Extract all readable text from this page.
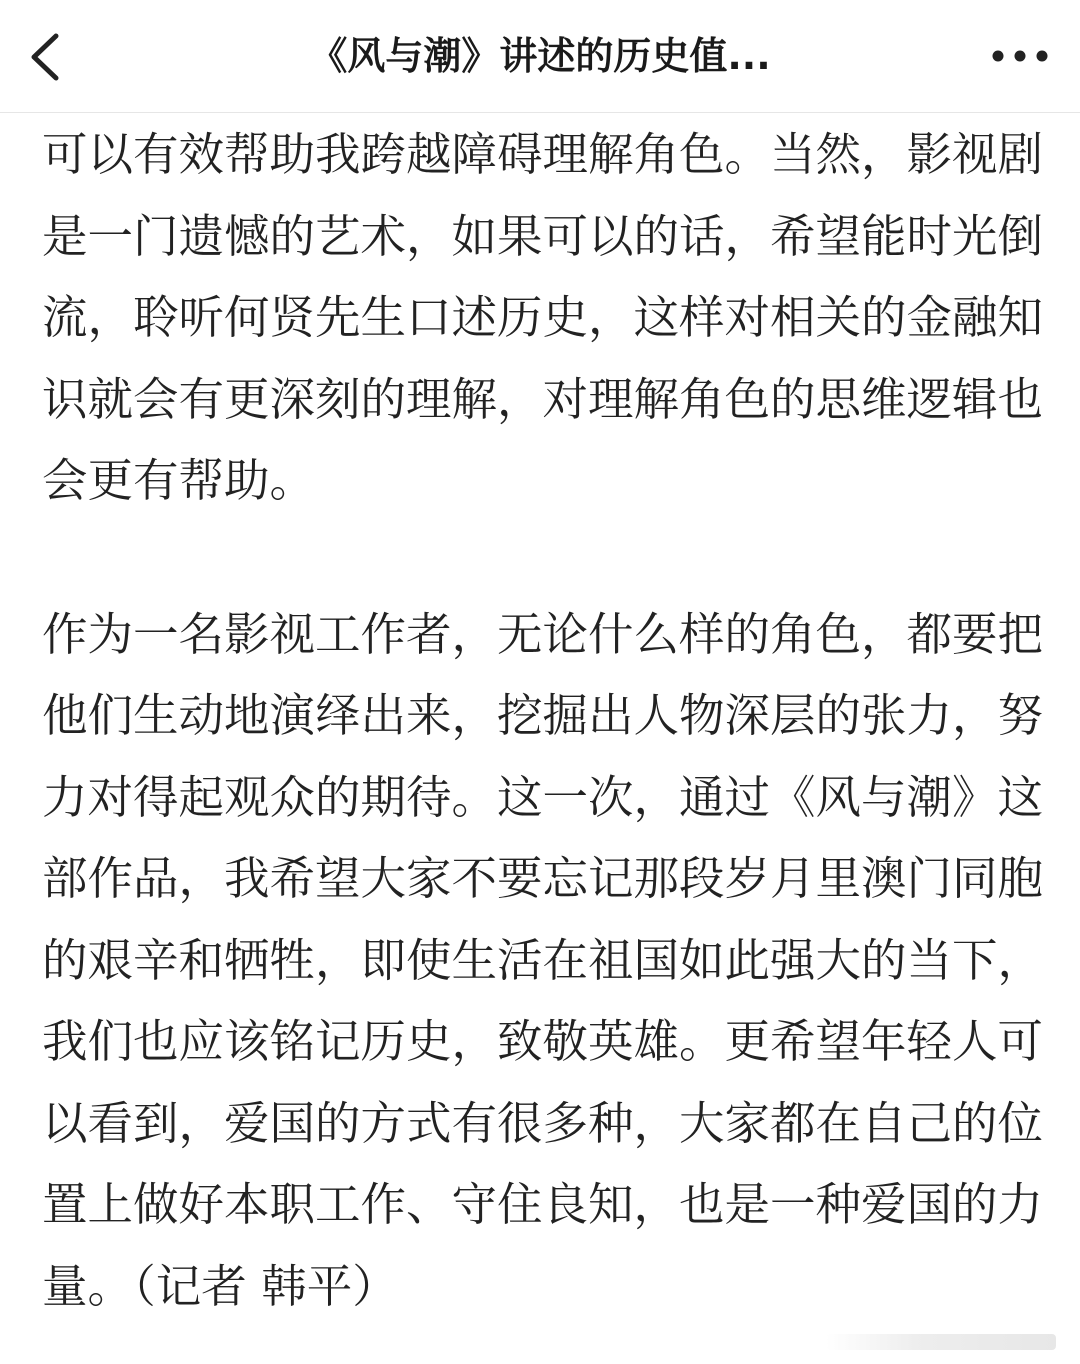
《风与潮》讲述的历史值...

可以有效帮助我跨越障碍理解角色。当然，影视剧
是一门遗憾的艺术，如果可以的话，希望能时光倒
流，聆听何贤先生口述历史，这样对相关的金融知
识就会有更深刻的理解，对理解角色的思维逻辑也
会更有帮助。

作为一名影视工作者，无论什么样的角色，都要把
他们生动地演绎出来，挖掘出人物深层的张力，努
力对得起观众的期待。这一次，通过《风与潮》这
部作品，我希望大家不要忘记那段岁月里澳门同胞
的艰辛和牺牲，即使生活在祖国如此强大的当下，
我们也应该铭记历史，致敬英雄。更希望年轻人可
以看到，爱国的方式有很多种，大家都在自己的位
置上做好本职工作、守住良知，也是一种爱国的力
量。（记者 韩平）
